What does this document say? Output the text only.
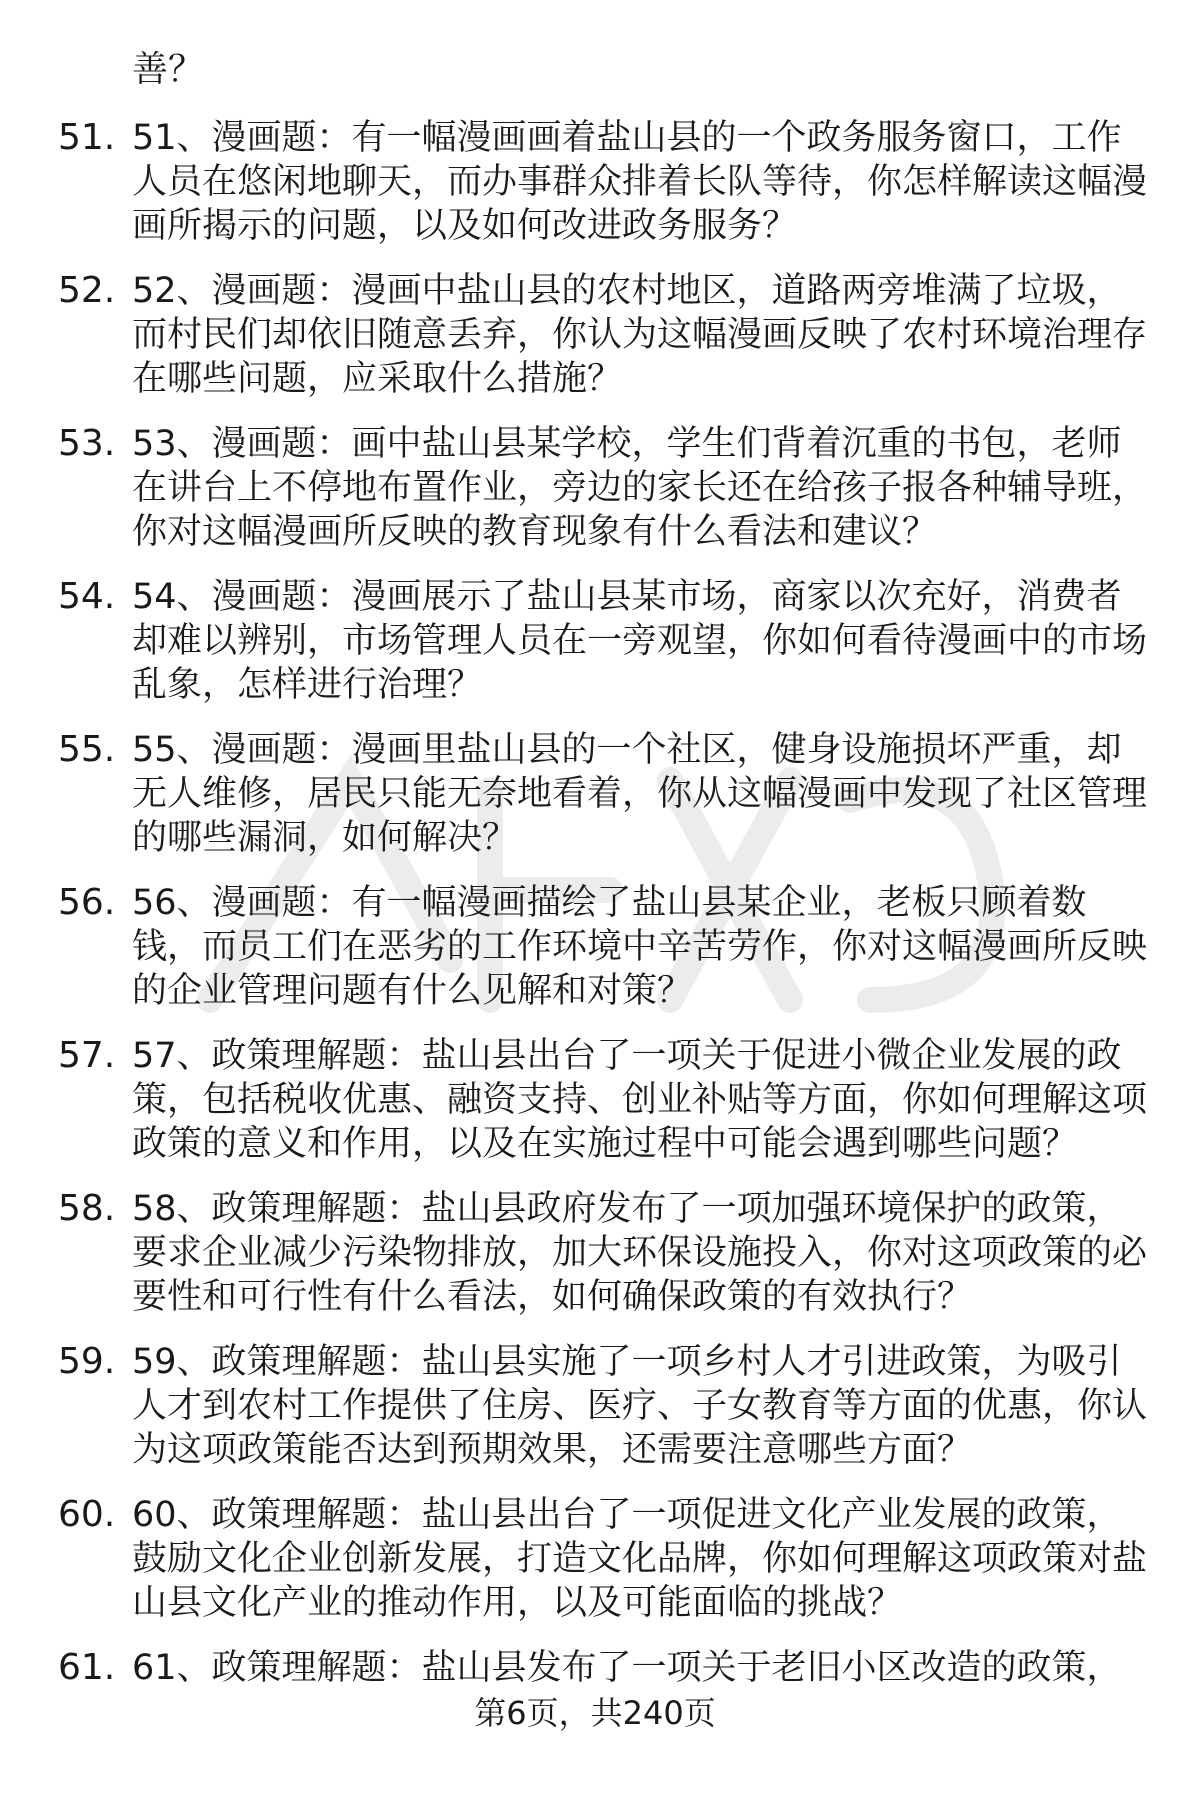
善？

51. 51、漫画题：有一幅漫画画着盐山县的一个政务服务窗口，工作人员在悠闲地聊天，而办事群众排着长队等待，你怎样解读这幅漫画所揭示的问题，以及如何改进政务服务？

52. 52、漫画题：漫画中盐山县的农村地区，道路两旁堆满了垃圾，而村民们却依旧随意丢弃，你认为这幅漫画反映了农村环境治理存在哪些问题，应采取什么措施？

53. 53、漫画题：画中盐山县某学校，学生们背着沉重的书包，老师在讲台上不停地布置作业，旁边的家长还在给孩子报各种辅导班，你对这幅漫画所反映的教育现象有什么看法和建议？

54. 54、漫画题：漫画展示了盐山县某市场，商家以次充好，消费者却难以辨别，市场管理人员在一旁观望，你如何看待漫画中的市场乱象，怎样进行治理？

55. 55、漫画题：漫画里盐山县的一个社区，健身设施损坏严重，却无人维修，居民只能无奈地看着，你从这幅漫画中发现了社区管理的哪些漏洞，如何解决？

56. 56、漫画题：有一幅漫画描绘了盐山县某企业，老板只顾着数钱，而员工们在恶劣的工作环境中辛苦劳作，你对这幅漫画所反映的企业管理问题有什么见解和对策？

57. 57、政策理解题：盐山县出台了一项关于促进小微企业发展的政策，包括税收优惠、融资支持、创业补贴等方面，你如何理解这项政策的意义和作用，以及在实施过程中可能会遇到哪些问题？

58. 58、政策理解题：盐山县政府发布了一项加强环境保护的政策，要求企业减少污染物排放，加大环保设施投入，你对这项政策的必要性和可行性有什么看法，如何确保政策的有效执行？

59. 59、政策理解题：盐山县实施了一项乡村人才引进政策，为吸引人才到农村工作提供了住房、医疗、子女教育等方面的优惠，你认为这项政策能否达到预期效果，还需要注意哪些方面？

60. 60、政策理解题：盐山县出台了一项促进文化产业发展的政策，鼓励文化企业创新发展，打造文化品牌，你如何理解这项政策对盐山县文化产业的推动作用，以及可能面临的挑战？

61. 61、政策理解题：盐山县发布了一项关于老旧小区改造的政策，

第6页，共240页
